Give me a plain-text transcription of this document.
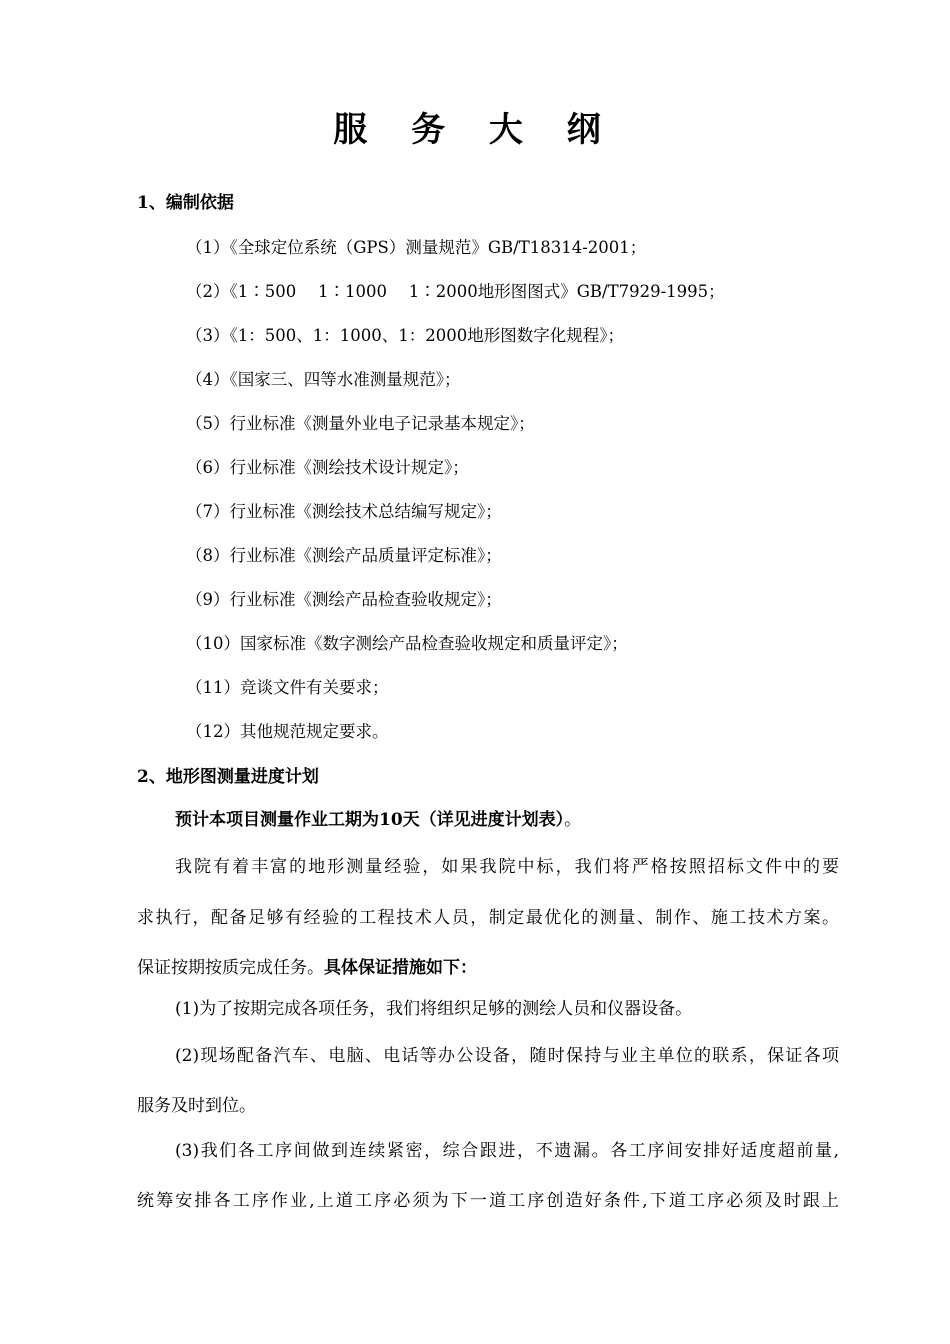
服 务 大 纲
1、编制依据
（1）《全球定位系统（GPS）测量规范》GB/T18314-2001；
（2）《1∶500　 1∶1000　 1∶2000地形图图式》GB/T7929-1995；
（3）《1：500、1：1000、1：2000地形图数字化规程》；
（4）《国家三、四等水准测量规范》；
（5）行业标准《测量外业电子记录基本规定》；
（6）行业标准《测绘技术设计规定》；
（7）行业标准《测绘技术总结编写规定》；
（8）行业标准《测绘产品质量评定标准》；
（9）行业标准《测绘产品检查验收规定》；
（10）国家标准《数字测绘产品检查验收规定和质量评定》；
（11）竞谈文件有关要求；
（12）其他规范规定要求。
2、地形图测量进度计划
预计本项目测量作业工期为10天（详见进度计划表）。
我院有着丰富的地形测量经验，如果我院中标，我们将严格按照招标文件中的要
求执行，配备足够有经验的工程技术人员，制定最优化的测量、制作、施工技术方案。
保证按期按质完成任务。具体保证措施如下：
(1)为了按期完成各项任务，我们将组织足够的测绘人员和仪器设备。
(2)现场配备汽车、电脑、电话等办公设备，随时保持与业主单位的联系，保证各项
服务及时到位。
(3)我们各工序间做到连续紧密，综合跟进，不遗漏。各工序间安排好适度超前量,
统筹安排各工序作业,上道工序必须为下一道工序创造好条件,下道工序必须及时跟上
